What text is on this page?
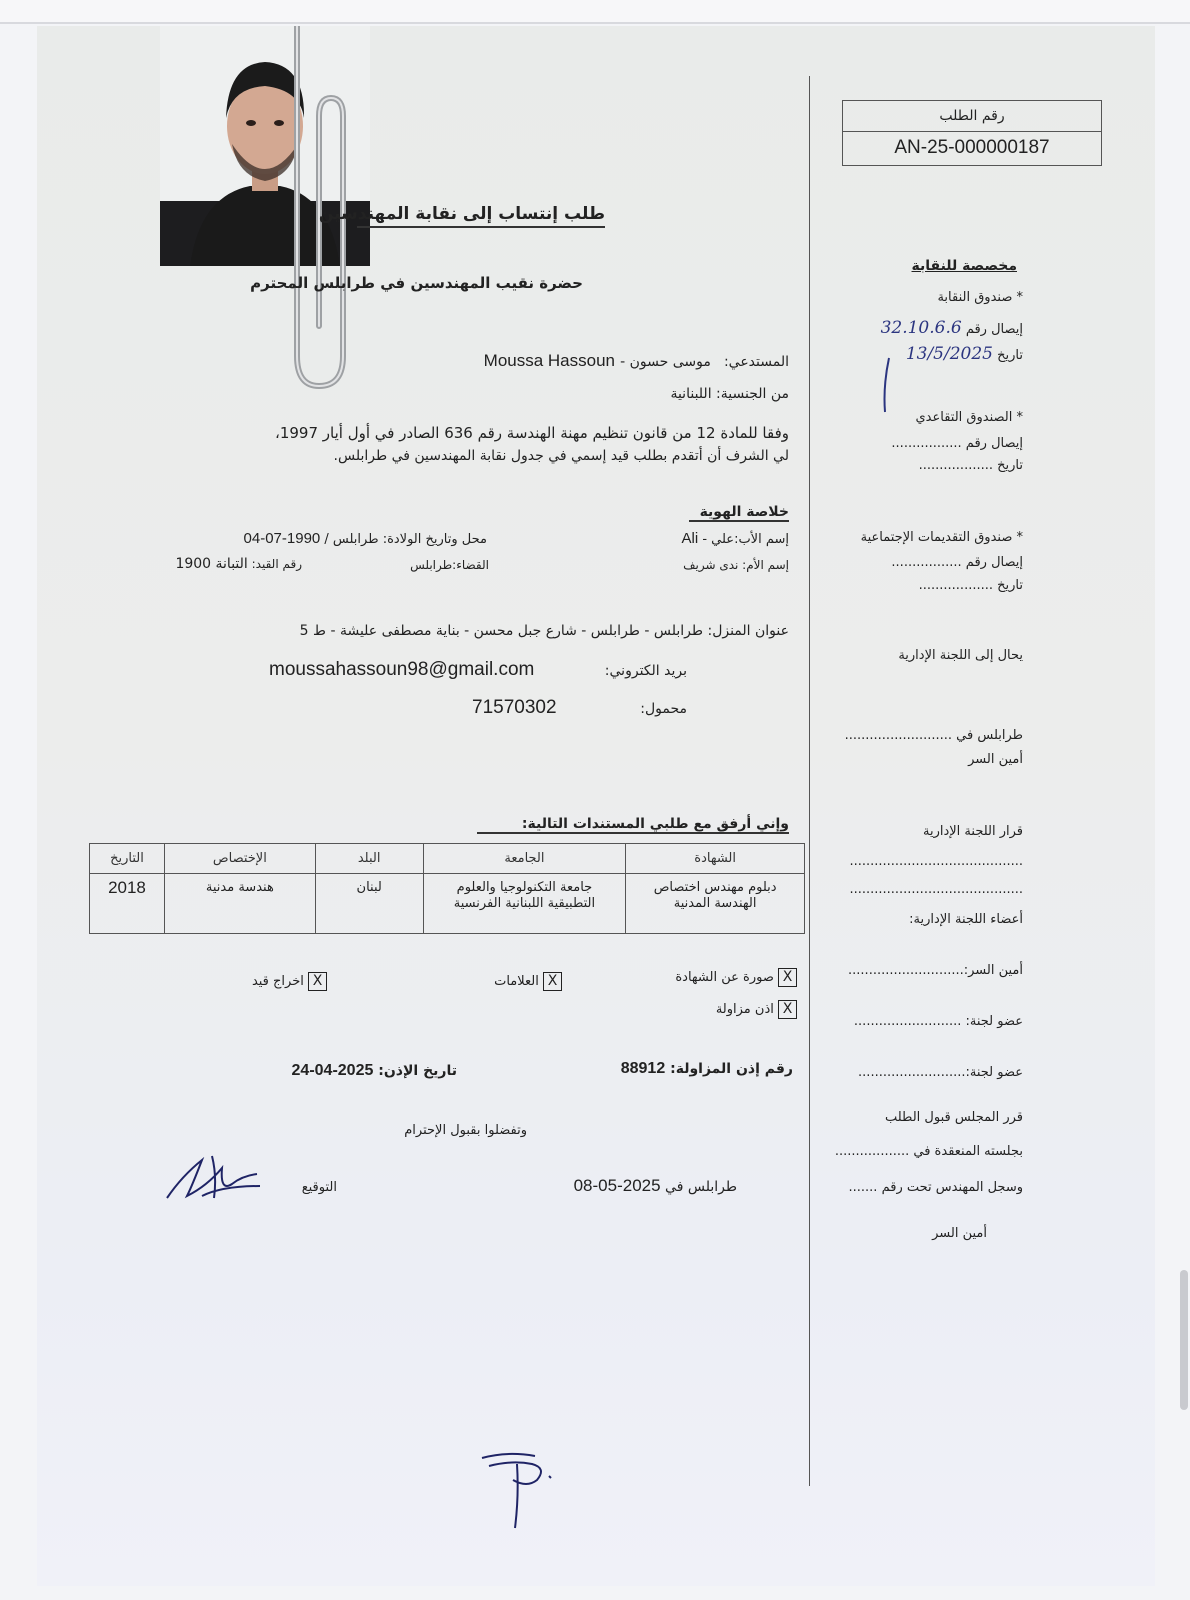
طلب إنتساب إلى نقابة المهندسين
حضرة نقيب المهندسين في طرابلس المحترم
المستدعي: موسى حسون - Moussa Hassoun
من الجنسية: اللبنانية
وفقا للمادة 12 من قانون تنظيم مهنة الهندسة رقم 636 الصادر في أول أيار 1997،
لي الشرف أن أتقدم بطلب قيد إسمي في جدول نقابة المهندسين في طرابلس.
خلاصة الهوية
إسم الأب:علي - Ali
محل وتاريخ الولادة: طرابلس / 1990-07-04
إسم الأم: ندى شريف
القضاء:طرابلس
رقم القيد: التبانة 1900
عنوان المنزل: طرابلس - طرابلس - شارع جبل محسن - بناية مصطفى عليشة - ط 5
بريد الكتروني:
moussahassoun98@gmail.com
محمول:
71570302
وإني أرفق مع طلبي المستندات التالية:
الشهادة	الجامعة	البلد	الإختصاص	التاريخ
دبلوم مهندس اختصاص
الهندسة المدنية	جامعة التكنولوجيا والعلوم
التطبيقية اللبنانية الفرنسية	لبنان	هندسة مدنية	2018
X صورة عن الشهادة
X العلامات
X اخراج قيد
X اذن مزاولة
رقم إذن المزاولة: 88912
تاريخ الإذن: 2025-04-24
وتفضلوا بقبول الإحترام
طرابلس في 2025-05-08
التوقيع
رقم الطلب
AN-25-000000187
مخصصة للنقابة
* صندوق النقابة
إيصال رقم 32.10.6.6
تاريخ 13/5/2025
* الصندوق التقاعدي
إيصال رقم .................
تاريخ ..................
* صندوق التقديمات الإجتماعية
إيصال رقم .................
تاريخ ..................
يحال إلى اللجنة الإدارية
طرابلس في ..........................
أمين السر
قرار اللجنة الإدارية
..........................................
..........................................
أعضاء اللجنة الإدارية:
أمين السر:............................
عضو لجنة: ..........................
عضو لجنة:..........................
قرر المجلس قبول الطلب
بجلسته المنعقدة في ..................
وسجل المهندس تحت رقم .......
أمين السر
